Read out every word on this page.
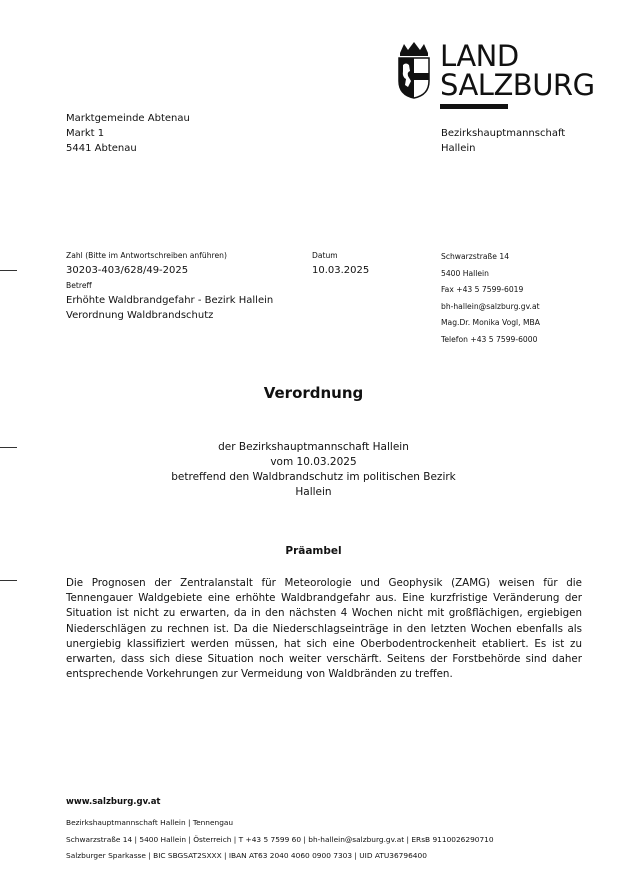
LAND
SALZBURG
Marktgemeinde Abtenau
Markt 1
5441 Abtenau
Bezirkshauptmannschaft
Hallein
Zahl (Bitte im Antwortschreiben anführen)
30203-403/628/49-2025
Betreff
Erhöhte Waldbrandgefahr - Bezirk Hallein
Verordnung Waldbrandschutz
Datum
10.03.2025
Schwarzstraße 14
5400 Hallein
Fax +43 5 7599-6019
bh-hallein@salzburg.gv.at
Mag.Dr. Monika Vogl, MBA
Telefon +43 5 7599-6000
Verordnung
der Bezirkshauptmannschaft Hallein
vom 10.03.2025
betreffend den Waldbrandschutz im politischen Bezirk
Hallein
Präambel
Die Prognosen der Zentralanstalt für Meteorologie und Geophysik (ZAMG) weisen für die Tennengauer Waldgebiete eine erhöhte Waldbrandgefahr aus. Eine kurzfristige Veränderung der Situation ist nicht zu erwarten, da in den nächsten 4 Wochen nicht mit großflächigen, ergiebigen Niederschlägen zu rechnen ist. Da die Niederschlagseinträge in den letzten Wochen ebenfalls als unergiebig klassifiziert werden müssen, hat sich eine Oberbodentrockenheit etabliert. Es ist zu erwarten, dass sich diese Situation noch weiter verschärft. Seitens der Forstbehörde sind daher entsprechende Vorkehrungen zur Vermeidung von Waldbränden zu treffen.
www.salzburg.gv.at
Bezirkshauptmannschaft Hallein | Tennengau
Schwarzstraße 14 | 5400 Hallein | Österreich | T +43 5 7599 60 | bh-hallein@salzburg.gv.at | ERsB 9110026290710
Salzburger Sparkasse | BIC SBGSAT2SXXX | IBAN AT63 2040 4060 0900 7303 | UID ATU36796400
